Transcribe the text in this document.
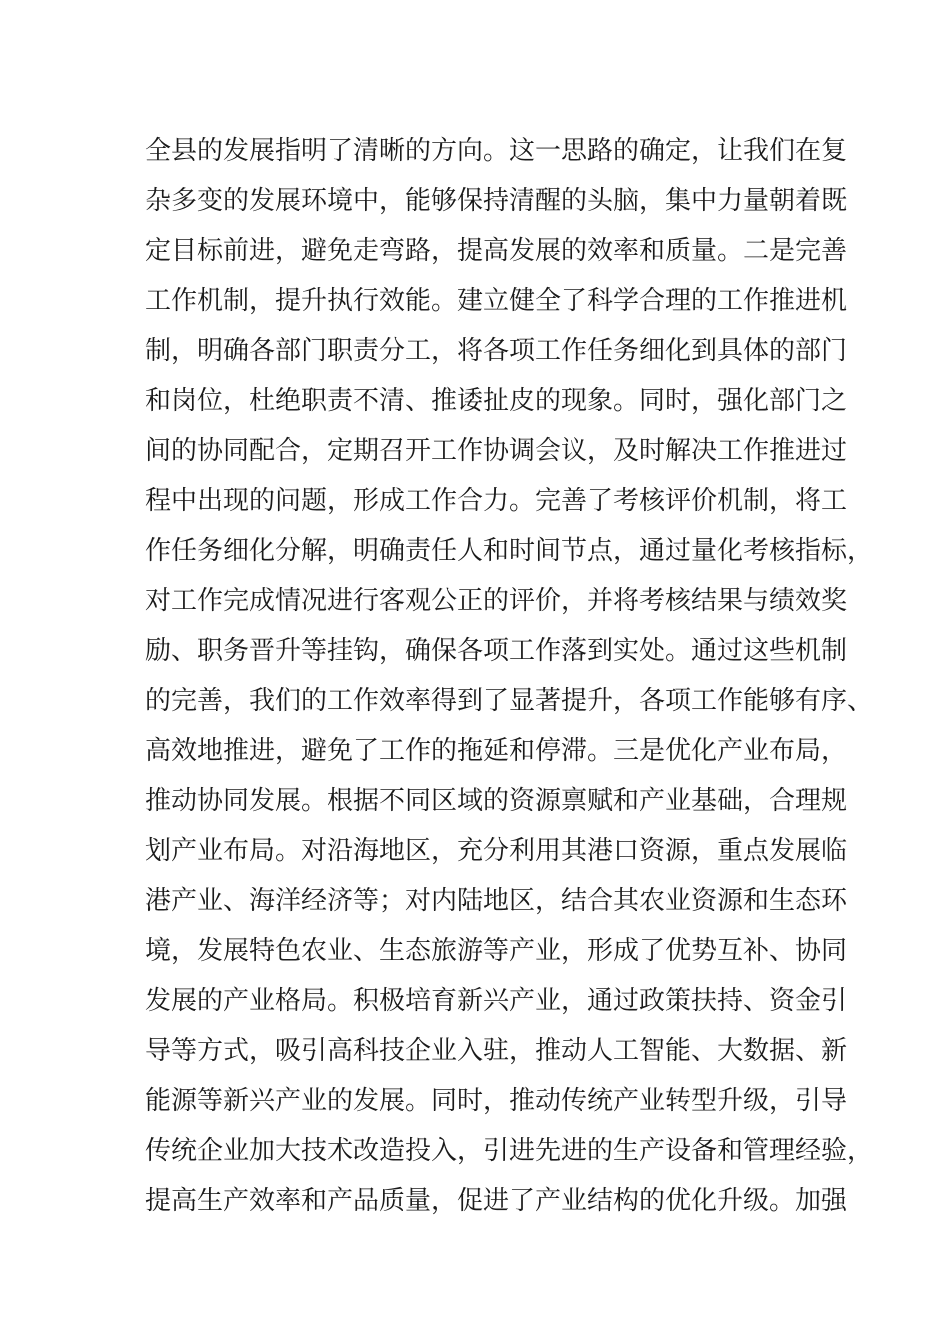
全县的发展指明了清晰的方向。这一思路的确定，让我们在复
杂多变的发展环境中，能够保持清醒的头脑，集中力量朝着既
定目标前进，避免走弯路，提高发展的效率和质量。二是完善
工作机制，提升执行效能。建立健全了科学合理的工作推进机
制，明确各部门职责分工，将各项工作任务细化到具体的部门
和岗位，杜绝职责不清、推诿扯皮的现象。同时，强化部门之
间的协同配合，定期召开工作协调会议，及时解决工作推进过
程中出现的问题，形成工作合力。完善了考核评价机制，将工
作任务细化分解，明确责任人和时间节点，通过量化考核指标，
对工作完成情况进行客观公正的评价，并将考核结果与绩效奖
励、职务晋升等挂钩，确保各项工作落到实处。通过这些机制
的完善，我们的工作效率得到了显著提升，各项工作能够有序、
高效地推进，避免了工作的拖延和停滞。三是优化产业布局，
推动协同发展。根据不同区域的资源禀赋和产业基础，合理规
划产业布局。对沿海地区，充分利用其港口资源，重点发展临
港产业、海洋经济等；对内陆地区，结合其农业资源和生态环
境，发展特色农业、生态旅游等产业，形成了优势互补、协同
发展的产业格局。积极培育新兴产业，通过政策扶持、资金引
导等方式，吸引高科技企业入驻，推动人工智能、大数据、新
能源等新兴产业的发展。同时，推动传统产业转型升级，引导
传统企业加大技术改造投入，引进先进的生产设备和管理经验，
提高生产效率和产品质量，促进了产业结构的优化升级。加强
